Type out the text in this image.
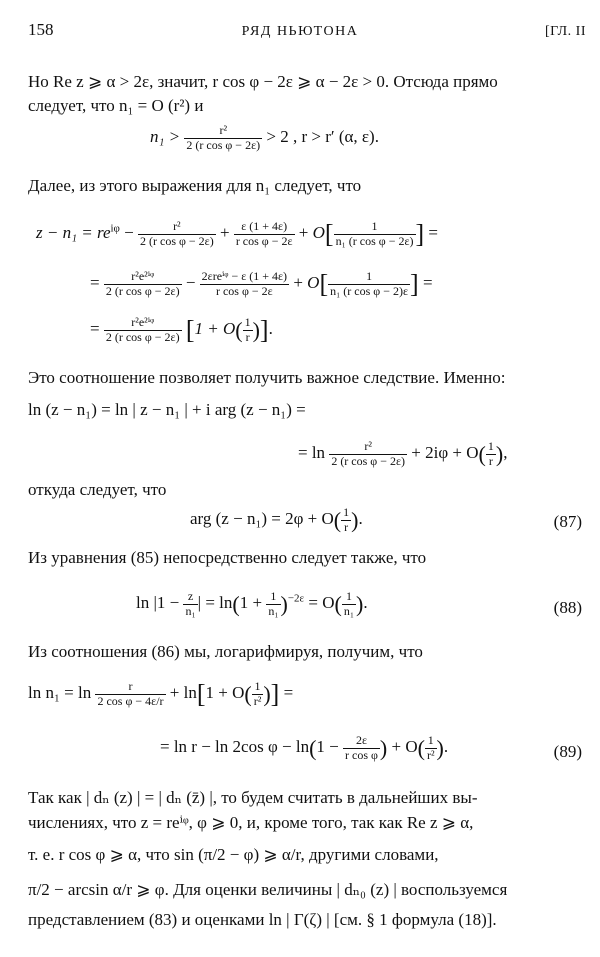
158	РЯД НЬЮТОНА	[ГЛ. II
Но Re z ⩾ α > 2ε, значит, r cos φ − 2ε ⩾ α − 2ε > 0. Отсюда прямо
следует, что n₁ = O (r²) и
$n_1 > \frac{\text{r²}}{\text{2 (r cos φ − 2ε)}} > 2$ , r > r′ (α, ε).
Далее, из этого выражения для n₁ следует, что
$z - n_1 = re^{i\varphi} - \frac{\text{r²}}{\text{2 (r cos φ − 2ε)}} + \frac{\varepsilon (1 + 4\varepsilon)}{\text{r cos φ − 2ε}} + O[ \frac{1}{\text{n₁ (r cos φ − 2ε)}}$ ] =
= $\frac{\text{r²e²ⁱᵠ}}{\text{2 (r cos φ − 2ε)}} - \frac{\text{2εreⁱᵠ − ε (1 + 4ε)}}{\text{r cos φ − 2ε}} + O[ \frac{1}{\text{n₁ (r cos φ − 2)ε}}$ ] =
= $\frac{\text{r²e²ⁱᵠ}}{\text{2 (r cos φ − 2ε)}} [1 + O( \frac{1}{r}$ )].
Это соотношение позволяет получить важное следствие. Именно:
ln (z − n₁) = ln | z − n₁ | + i arg (z − n₁) =
= $\ln \frac{\text{r²}}{\text{2 (r cos φ − 2ε)}} + 2i\varphi + O( \frac{1}{r}$ ),
откуда следует, что
arg $(z - n_1) = 2\varphi + O( \frac{1}{r}$ ).	(87)
Из уравнения (85) непосредственно следует также, что
$\ln |1 - \frac{z}{\text{n₁}}$ | = $\ln(1 + \frac{1}{\text{n₁}} )^{-2\varepsilon} = O( \frac{1}{\text{n₁}}$ ).	(88)
Из соотношения (86) мы, логарифмируя, получим, что
$\ln n_1 = \ln \frac{r}{\text{2 cos φ − 4ε/r}} + \ln[1 + O( \frac{1}{\text{r²}}$ )] =
= ln r − ln 2cos $\varphi - \ln(1 - \frac{2\varepsilon}{\text{r cos φ}}$ ) + $O( \frac{1}{\text{r²}}$ ).	(89)
Так как | dₙ (z) | = | dₙ (z̄) |, то будем считать в дальнейших вы-
числениях, что z = reⁱᵠ, φ ⩾ 0, и, кроме того, так как Re z ⩾ α,
т. е. r cos φ ⩾ α, что sin (π/2 − φ) ⩾ α/r, другими словами,
π/2 − arcsin α/r ⩾ φ. Для оценки величины | dₙ₀ (z) | воспользуемся
представлением (83) и оценками ln | Γ(ζ) | [см. § 1 формула (18)].
